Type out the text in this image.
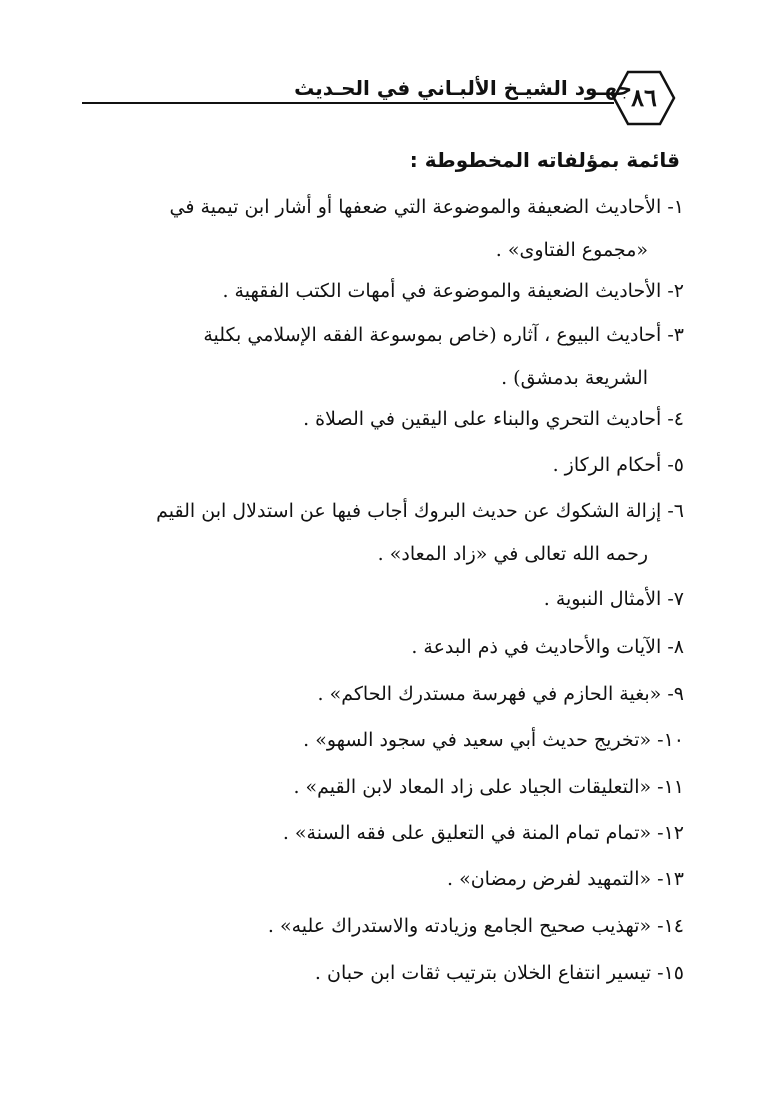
٨٦
جهـود الشيـخ الألبـاني في الحـديث
قائمة بمؤلفاته المخطوطة :
١- الأحاديث الضعيفة والموضوعة التي ضعفها أو أشار ابن تيمية في
«مجموع الفتاوى» .
٢- الأحاديث الضعيفة والموضوعة في أمهات الكتب الفقهية .
٣- أحاديث البيوع ، آثاره (خاص بموسوعة الفقه الإسلامي بكلية
الشريعة بدمشق) .
٤- أحاديث التحري والبناء على اليقين في الصلاة .
٥- أحكام الركاز .
٦- إزالة الشكوك عن حديث البروك أجاب فيها عن استدلال ابن القيم
رحمه الله تعالى في «زاد المعاد» .
٧- الأمثال النبوية .
٨- الآيات والأحاديث في ذم البدعة .
٩- «بغية الحازم في فهرسة مستدرك الحاكم» .
١٠- «تخريج حديث أبي سعيد في سجود السهو» .
١١- «التعليقات الجياد على زاد المعاد لابن القيم» .
١٢- «تمام تمام المنة في التعليق على فقه السنة» .
١٣- «التمهيد لفرض رمضان» .
١٤- «تهذيب صحيح الجامع وزيادته والاستدراك عليه» .
١٥- تيسير انتفاع الخلان بترتيب ثقات ابن حبان .
